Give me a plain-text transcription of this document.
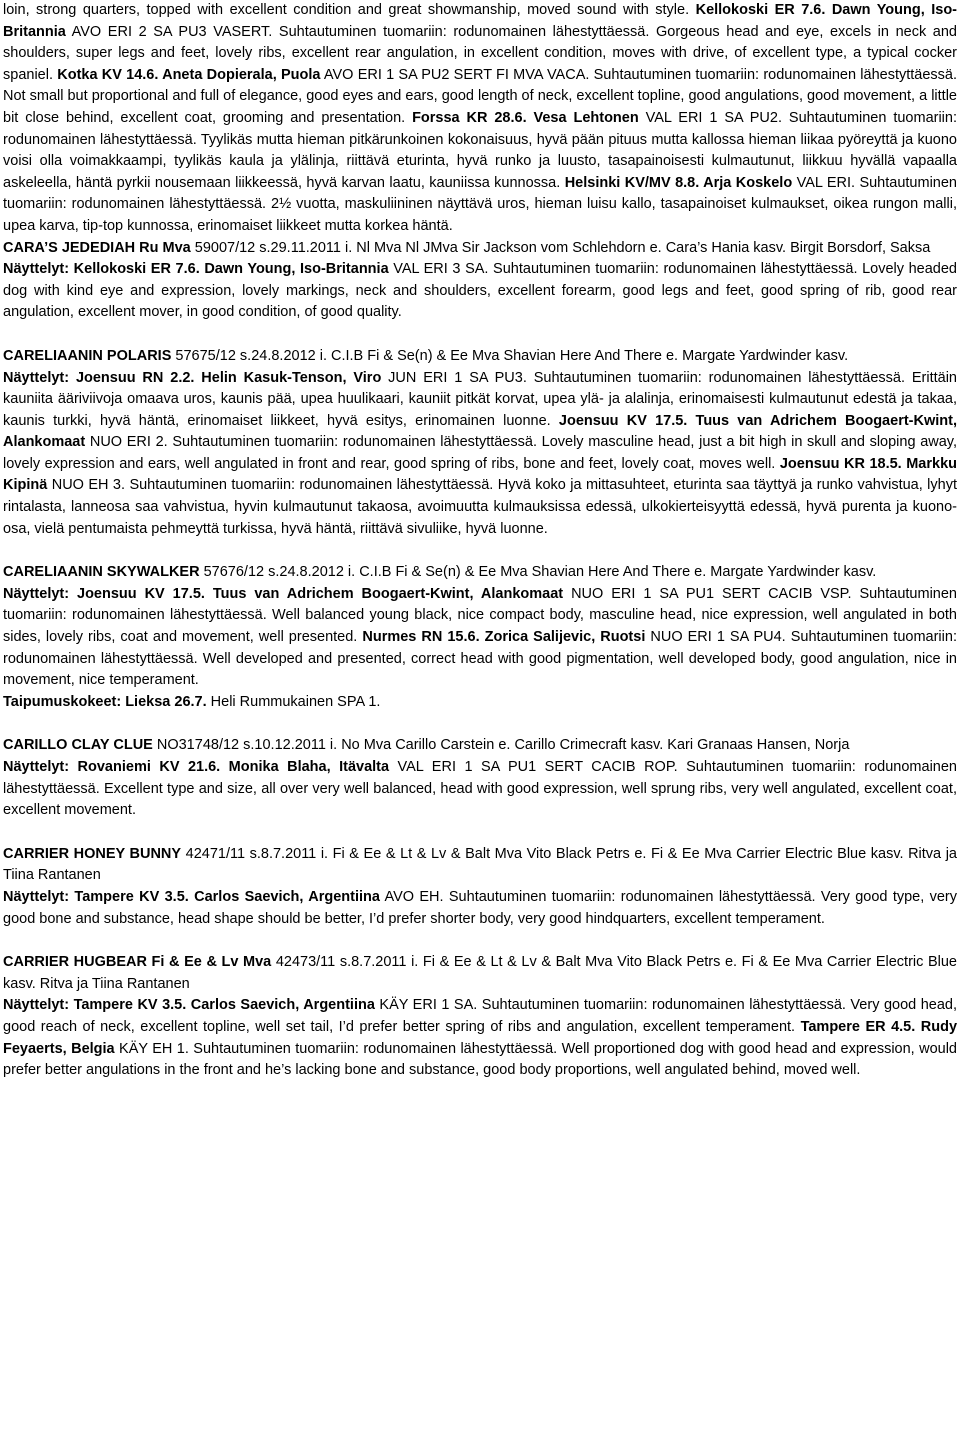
loin, strong quarters, topped with excellent condition and great showmanship, moved sound with style. Kellokoski ER 7.6. Dawn Young, Iso-Britannia AVO ERI 2 SA PU3 VASERT. Suhtautuminen tuomariin: rodunomainen lähestyttäessä. Gorgeous head and eye, excels in neck and shoulders, super legs and feet, lovely ribs, excellent rear angulation, in excellent condition, moves with drive, of excellent type, a typical cocker spaniel. Kotka KV 14.6. Aneta Dopierala, Puola AVO ERI 1 SA PU2 SERT FI MVA VACA. Suhtautuminen tuomariin: rodunomainen lähestyttäessä. Not small but proportional and full of elegance, good eyes and ears, good length of neck, excellent topline, good angulations, good movement, a little bit close behind, excellent coat, grooming and presentation. Forssa KR 28.6. Vesa Lehtonen VAL ERI 1 SA PU2. Suhtautuminen tuomariin: rodunomainen lähestyttäessä. Tyylikäs mutta hieman pitkärunkoinen kokonaisuus, hyvä pään pituus mutta kallossa hieman liikaa pyöreyttä ja kuono voisi olla voimakkaampi, tyylikäs kaula ja ylälinja, riittävä eturinta, hyvä runko ja luusto, tasapainoisesti kulmautunut, liikkuu hyvällä vapaalla askeleella, häntä pyrkii nousemaan liikkeessä, hyvä karvan laatu, kauniissa kunnossa. Helsinki KV/MV 8.8. Arja Koskelo VAL ERI. Suhtautuminen tuomariin: rodunomainen lähestyttäessä. 2½ vuotta, maskuliininen näyttävä uros, hieman luisu kallo, tasapainoiset kulmaukset, oikea rungon malli, upea karva, tip-top kunnossa, erinomaiset liikkeet mutta korkea häntä.

CARA’S JEDEDIAH Ru Mva 59007/12 s.29.11.2011 i. Nl Mva Nl JMva Sir Jackson vom Schlehdorn e. Cara’s Hania kasv. Birgit Borsdorf, Saksa

Näyttelyt: Kellokoski ER 7.6. Dawn Young, Iso-Britannia VAL ERI 3 SA. Suhtautuminen tuomariin: rodunomainen lähestyttäessä. Lovely headed dog with kind eye and expression, lovely markings, neck and shoulders, excellent forearm, good legs and feet, good spring of rib, good rear angulation, excellent mover, in good condition, of good quality.

CARELIAANIN POLARIS 57675/12 s.24.8.2012 i. C.I.B Fi & Se(n) & Ee Mva Shavian Here And There e. Margate Yardwinder kasv.

Näyttelyt: Joensuu RN 2.2. Helin Kasuk-Tenson, Viro JUN ERI 1 SA PU3. Suhtautuminen tuomariin: rodunomainen lähestyttäessä. Erittäin kauniita ääriviivoja omaava uros, kaunis pää, upea huulikaari, kauniit pitkät korvat, upea ylä- ja alalinja, erinomaisesti kulmautunut edestä ja takaa, kaunis turkki, hyvä häntä, erinomaiset liikkeet, hyvä esitys, erinomainen luonne. Joensuu KV 17.5. Tuus van Adrichem Boogaert-Kwint, Alankomaat NUO ERI 2. Suhtautuminen tuomariin: rodunomainen lähestyttäessä. Lovely masculine head, just a bit high in skull and sloping away, lovely expression and ears, well angulated in front and rear, good spring of ribs, bone and feet, lovely coat, moves well. Joensuu KR 18.5. Markku Kipinä NUO EH 3. Suhtautuminen tuomariin: rodunomainen lähestyttäessä. Hyvä koko ja mittasuhteet, eturinta saa täyttyä ja runko vahvistua, lyhyt rintalasta, lanneosa saa vahvistua, hyvin kulmautunut takaosa, avoimuutta kulmauksissa edessä, ulkokierteisyyttä edessä, hyvä purenta ja kuono-osa, vielä pentumaista pehmeyttä turkissa, hyvä häntä, riittävä sivuliike, hyvä luonne.

CARELIAANIN SKYWALKER 57676/12 s.24.8.2012 i. C.I.B Fi & Se(n) & Ee Mva Shavian Here And There e. Margate Yardwinder kasv.

Näyttelyt: Joensuu KV 17.5. Tuus van Adrichem Boogaert-Kwint, Alankomaat NUO ERI 1 SA PU1 SERT CACIB VSP. Suhtautuminen tuomariin: rodunomainen lähestyttäessä. Well balanced young black, nice compact body, masculine head, nice expression, well angulated in both sides, lovely ribs, coat and movement, well presented. Nurmes RN 15.6. Zorica Salijevic, Ruotsi NUO ERI 1 SA PU4. Suhtautuminen tuomariin: rodunomainen lähestyttäessä. Well developed and presented, correct head with good pigmentation, well developed body, good angulation, nice in movement, nice temperament.

Taipumuskokeet: Lieksa 26.7. Heli Rummukainen SPA 1.

CARILLO CLAY CLUE NO31748/12 s.10.12.2011 i. No Mva Carillo Carstein e. Carillo Crimecraft kasv. Kari Granaas Hansen, Norja

Näyttelyt: Rovaniemi KV 21.6. Monika Blaha, Itävalta VAL ERI 1 SA PU1 SERT CACIB ROP. Suhtautuminen tuomariin: rodunomainen lähestyttäessä. Excellent type and size, all over very well balanced, head with good expression, well sprung ribs, very well angulated, excellent coat, excellent movement.

CARRIER HONEY BUNNY 42471/11 s.8.7.2011 i. Fi & Ee & Lt & Lv & Balt Mva Vito Black Petrs e. Fi & Ee Mva Carrier Electric Blue kasv. Ritva ja Tiina Rantanen

Näyttelyt: Tampere KV 3.5. Carlos Saevich, Argentiina AVO EH. Suhtautuminen tuomariin: rodunomainen lähestyttäessä. Very good type, very good bone and substance, head shape should be better, I’d prefer shorter body, very good hindquarters, excellent temperament.

CARRIER HUGBEAR Fi & Ee & Lv Mva 42473/11 s.8.7.2011 i. Fi & Ee & Lt & Lv & Balt Mva Vito Black Petrs e. Fi & Ee Mva Carrier Electric Blue kasv. Ritva ja Tiina Rantanen

Näyttelyt: Tampere KV 3.5. Carlos Saevich, Argentiina KÄY ERI 1 SA. Suhtautuminen tuomariin: rodunomainen lähestyttäessä. Very good head, good reach of neck, excellent topline, well set tail, I’d prefer better spring of ribs and angulation, excellent temperament. Tampere ER 4.5. Rudy Feyaerts, Belgia KÄY EH 1. Suhtautuminen tuomariin: rodunomainen lähestyttäessä. Well proportioned dog with good head and expression, would prefer better angulations in the front and he’s lacking bone and substance, good body proportions, well angulated behind, moved well.
